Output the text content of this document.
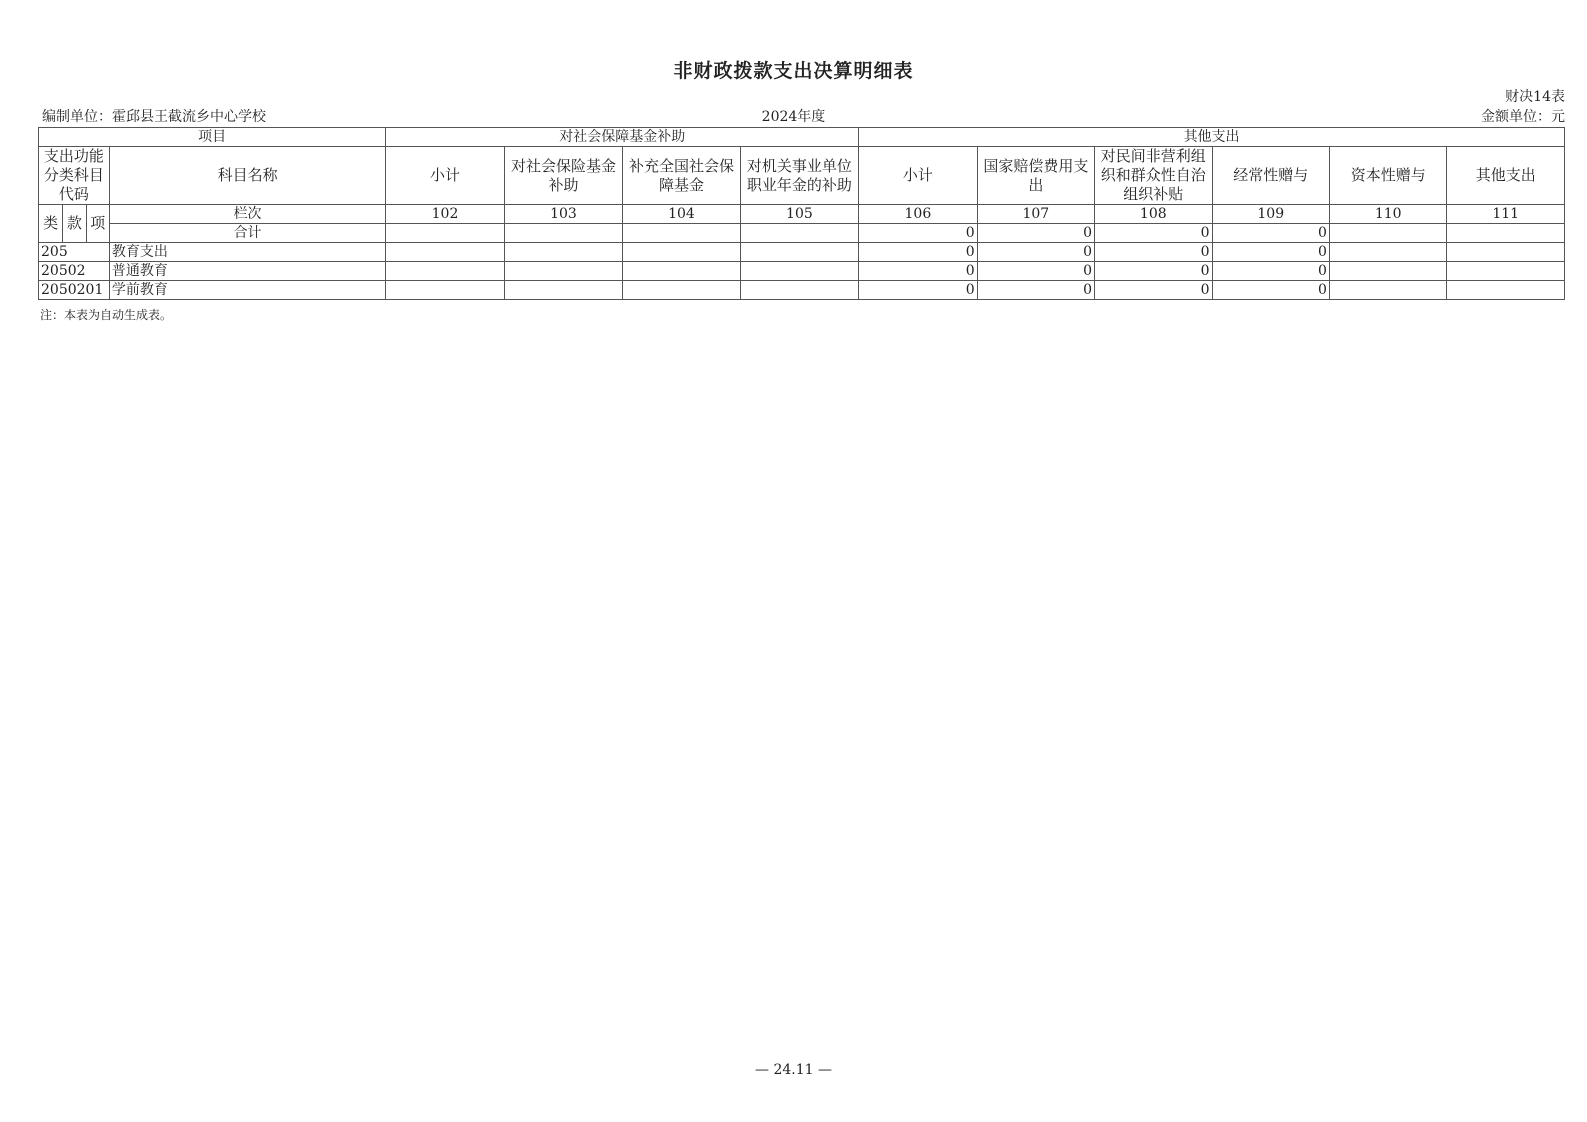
非财政拨款支出决算明细表
财决14表
编制单位：霍邱县王截流乡中心学校	2024年度	金额单位：元
项目				对社会保障基金补助				其他支出					
支出功能分类科目代码			科目名称	小计	对社会保险基金补助	补充全国社会保障基金	对机关事业单位职业年金的补助	小计	国家赔偿费用支出	对民间非营利组织和群众性自治组织补贴	经常性赠与	资本性赠与	其他支出
类	款	项	栏次	102	103	104	105	106	107	108	109	110	111
			合计					0	0	0	0		
205			教育支出					0	0	0	0		
20502			普通教育					0	0	0	0		
2050201			学前教育					0	0	0	0		
注：本表为自动生成表。
— 24.11 —
